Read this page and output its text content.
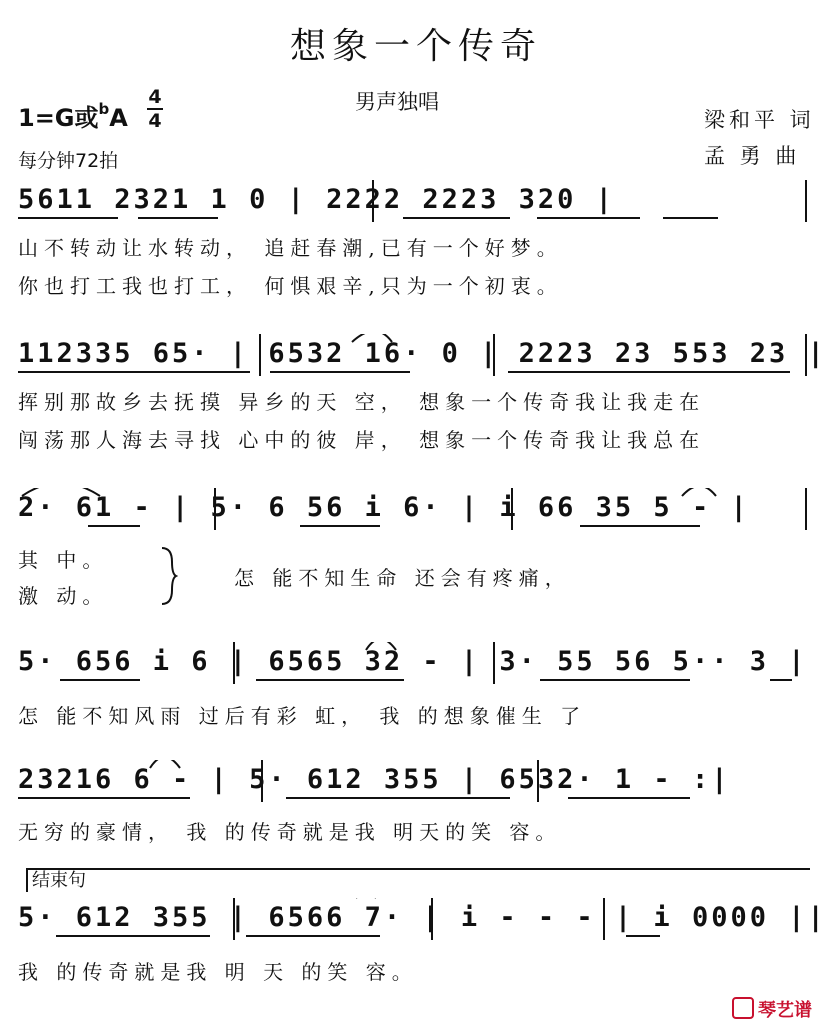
想象一个传奇
男声独唱
1=G或$^b$A
4
4
每分钟72拍
梁和平 词
孟 勇 曲
5611 2321 1 0 | 2222 2223 320 |
山不转动让水转动， 追赶春潮,已有一个好梦。
你也打工我也打工， 何惧艰辛,只为一个初衷。
112335 65· | 6532 16· 0 | 2223 23 553 23 |
挥别那故乡去抚摸 异乡的天 空， 想象一个传奇我让我走在
闯荡那人海去寻找 心中的彼 岸， 想象一个传奇我让我总在
2· 61 - | 5· 6 56 i 6· | i 66 35 5 - |
其 中。
激 动。
怎 能不知生命 还会有疼痛，
5· 656 i 6 | 6565 32 - | 3· 55 56 5·· 3 |
怎 能不知风雨 过后有彩 虹， 我 的想象催生 了
23216 6 - | 5· 612 355 | 6532· 1 - :|
无穷的豪情， 我 的传奇就是我 明天的笑 容。
结束句
5· 612 355 | 6566 7· | i - - - | i 0000 ||
我 的传奇就是我 明 天 的笑 容。
琴艺谱
